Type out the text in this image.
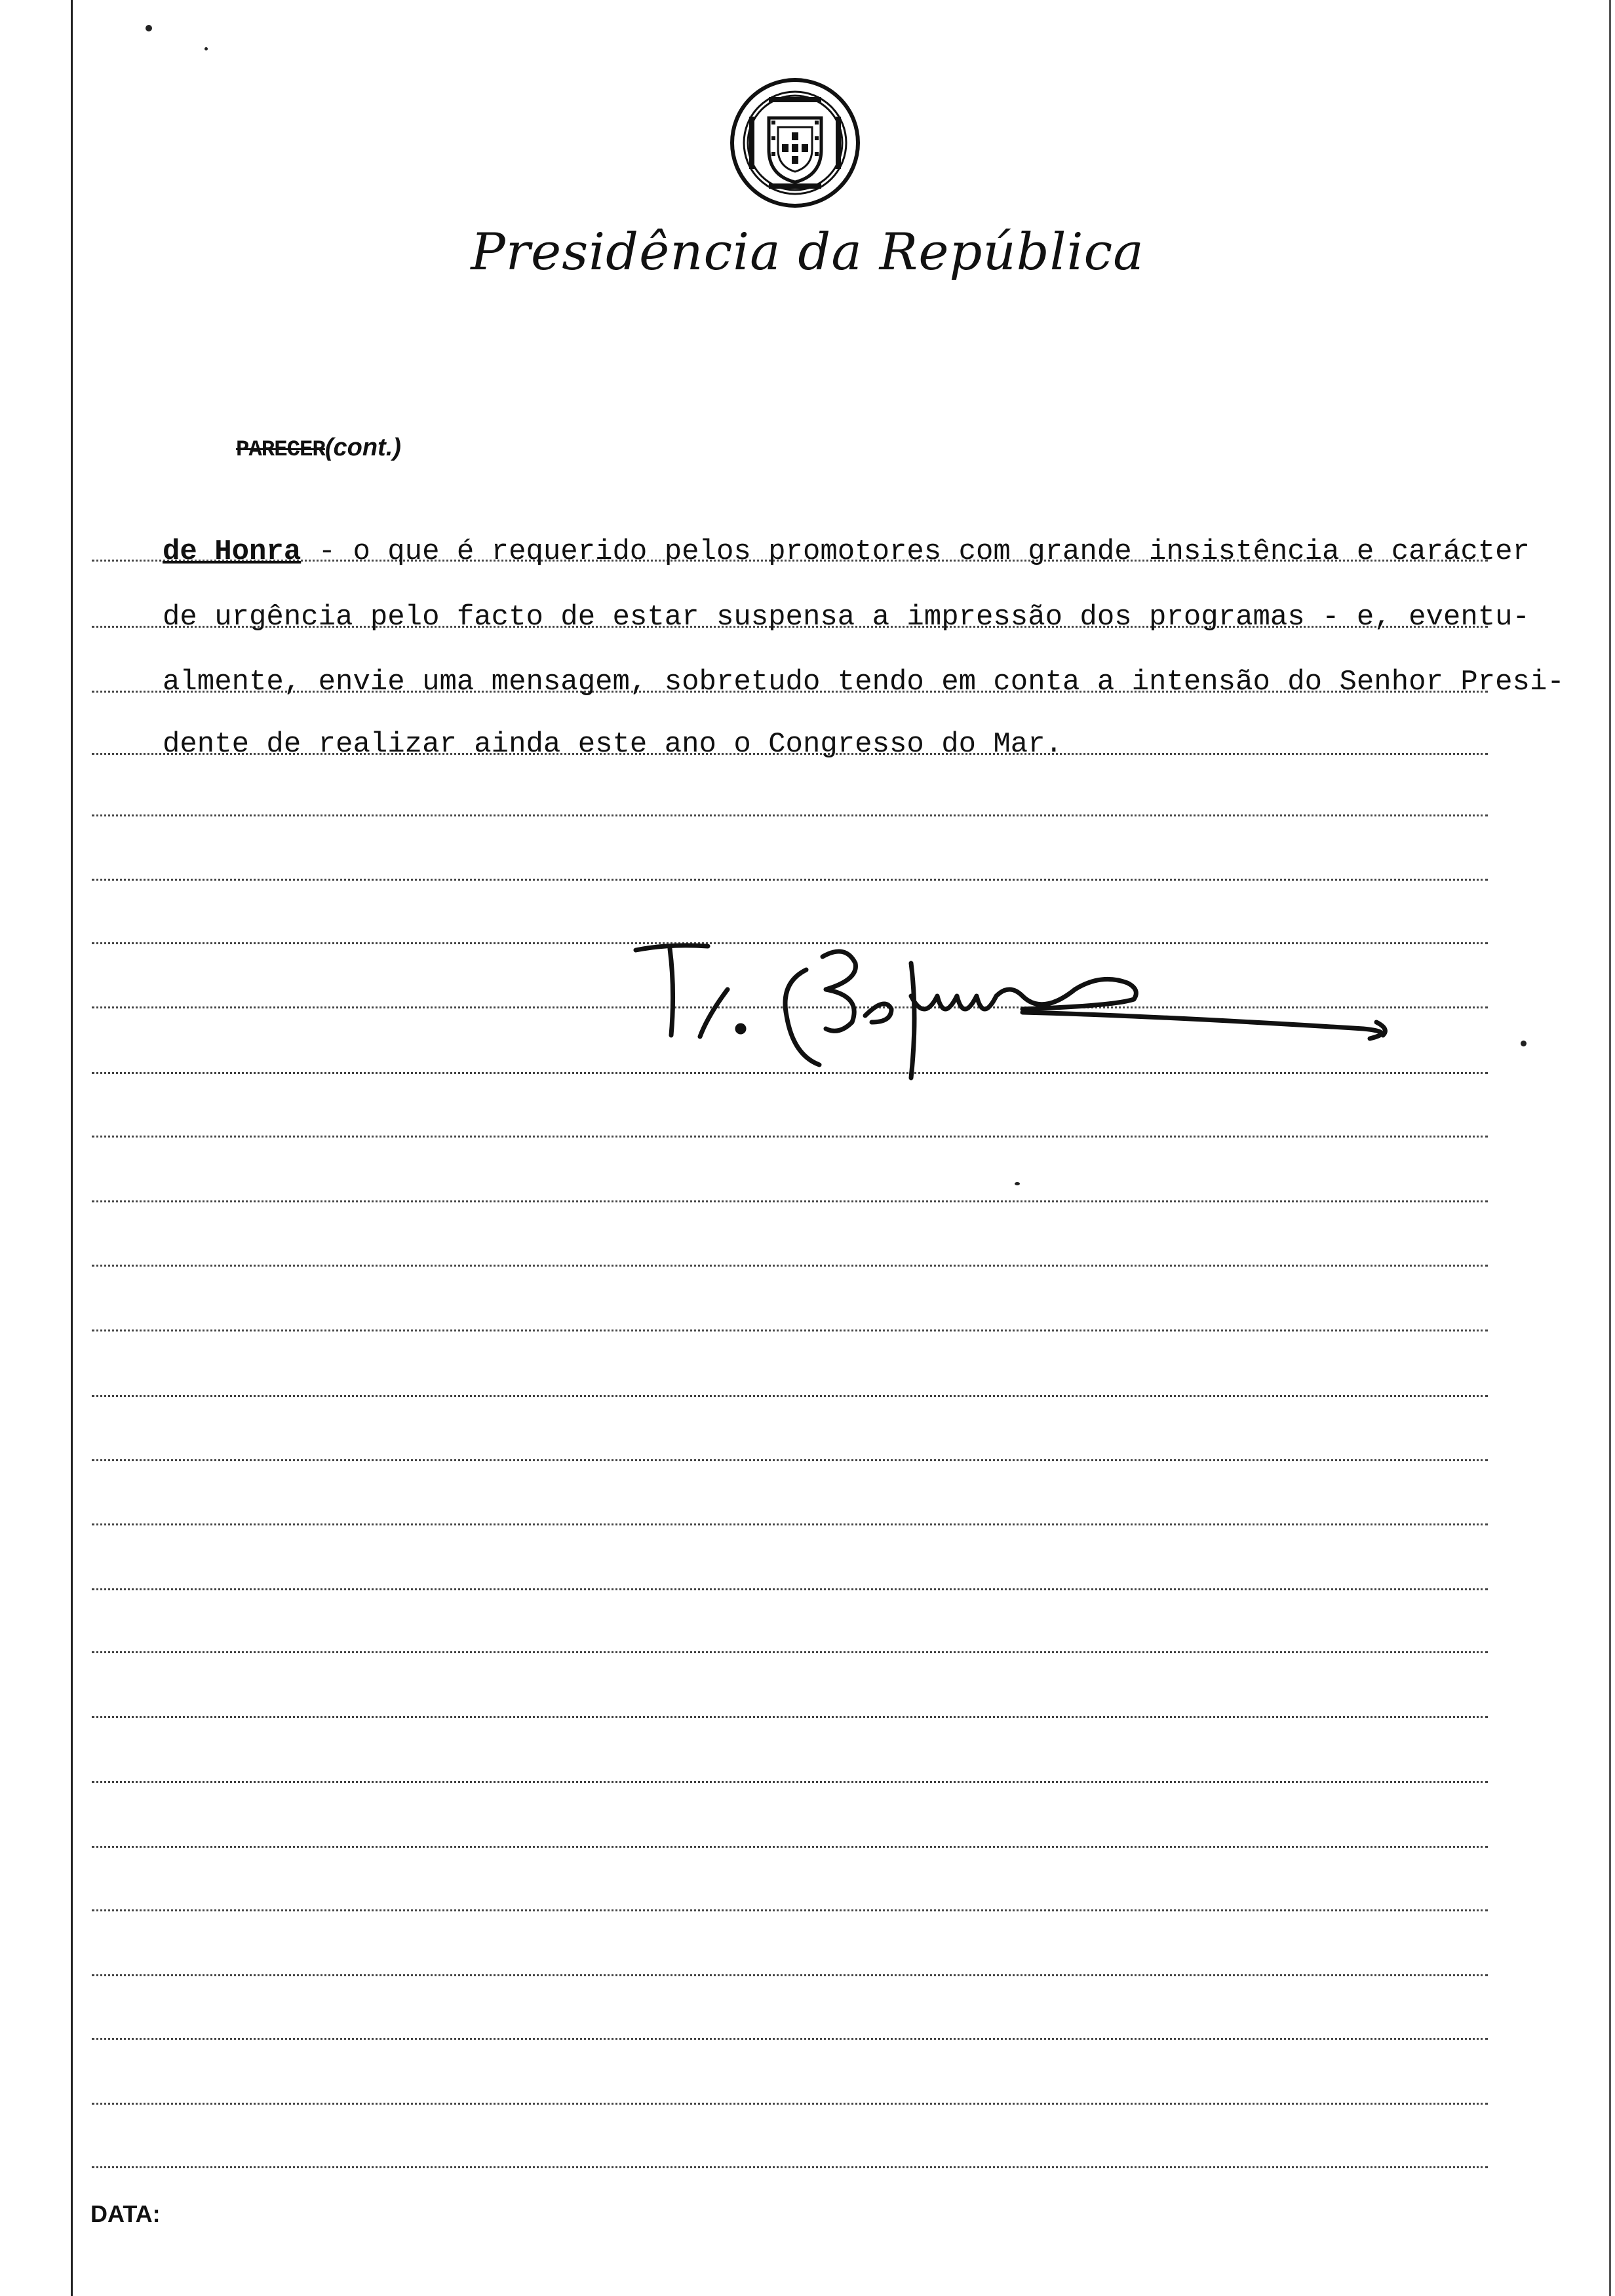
Presidência da República
PARECER(cont.)
de Honra - o que é requerido pelos promotores com grande insistência e carácter
de urgência pelo facto de estar suspensa a impressão dos programas - e, eventu-
almente, envie uma mensagem, sobretudo tendo em conta a intensão do Senhor Presi-
dente de realizar ainda este ano o Congresso do Mar.
DATA:
